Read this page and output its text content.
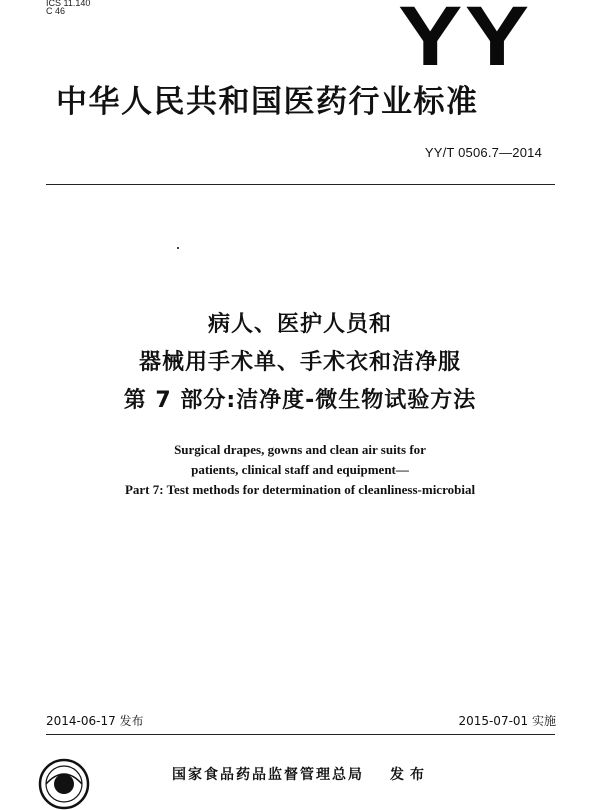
ICS 11.140
C 46	YY
中华人民共和国医药行业标准
YY/T 0506.7—2014
病人、医护人员和
器械用手术单、手术衣和洁净服
第 7 部分:洁净度-微生物试验方法
Surgical drapes, gowns and clean air suits for
patients, clinical staff and equipment—
Part 7: Test methods for determination of cleanliness-microbial
2014-06-17 发布	2015-07-01 实施
国家食品药品监督管理总局 发布
